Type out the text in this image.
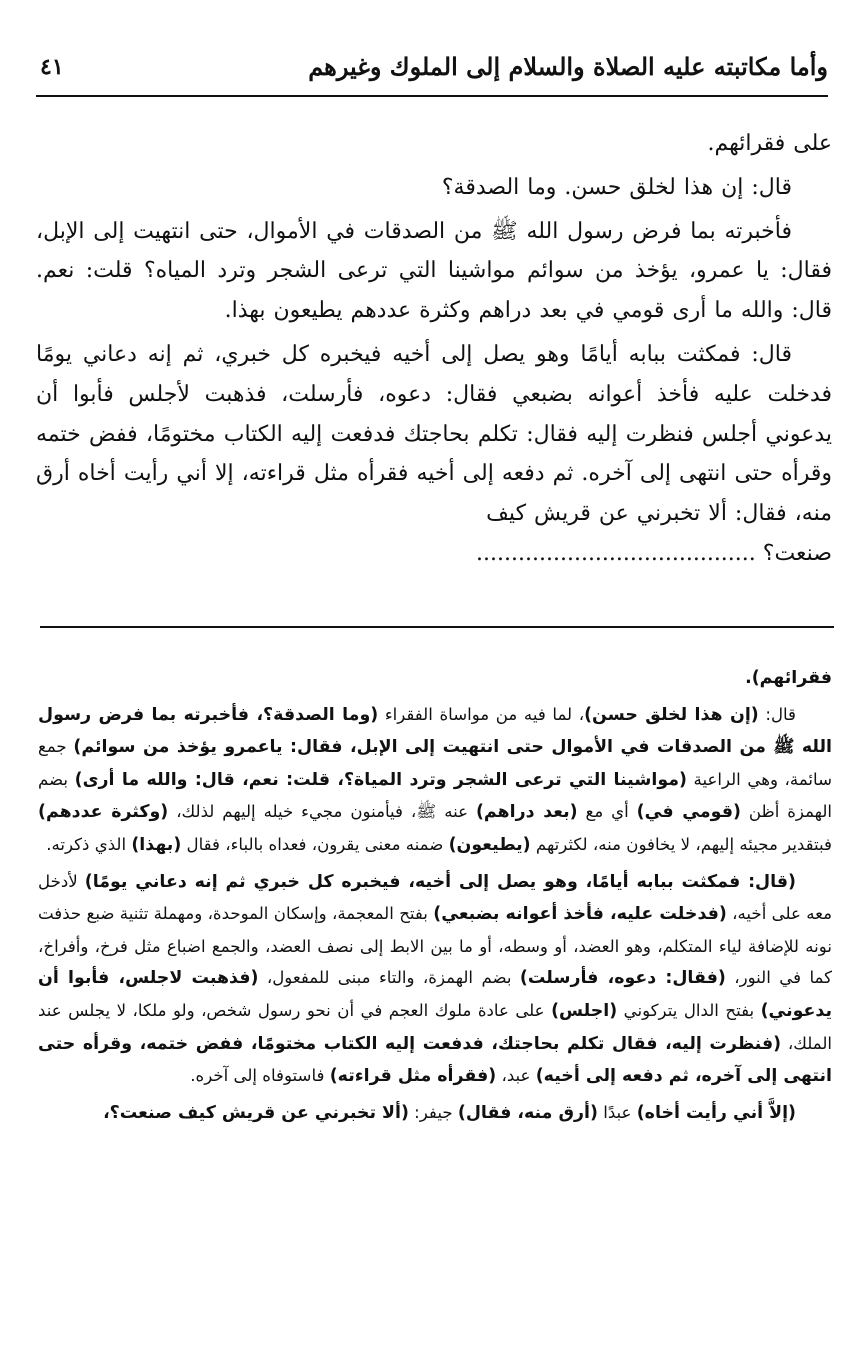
وأما مكاتبته عليه الصلاة والسلام إلى الملوك وغيرهم
٤١

على فقرائهم.

قال: إن هذا لخلق حسن. وما الصدقة؟

فأخبرته بما فرض رسول الله ﷺ من الصدقات في الأموال، حتى انتهيت إلى الإبل، فقال: يا عمرو، يؤخذ من سوائم مواشينا التي ترعى الشجر وترد المياه؟ قلت: نعم. قال: والله ما أرى قومي في بعد دراهم وكثرة عددهم يطيعون بهذا.

قال: فمكثت ببابه أيامًا وهو يصل إلى أخيه فيخبره كل خبري، ثم إنه دعاني يومًا فدخلت عليه فأخذ أعوانه بضبعي فقال: دعوه، فأرسلت، فذهبت لأجلس فأبوا أن يدعوني أجلس فنظرت إليه فقال: تكلم بحاجتك فدفعت إليه الكتاب مختومًا، ففض ختمه وقرأه حتى انتهى إلى آخره. ثم دفعه إلى أخيه فقرأه مثل قراءته، إلا أني رأيت أخاه أرق منه، فقال: ألا تخبرني عن قريش كيف

صنعت؟ ........................................

فقرائهم).

قال: (إن هذا لخلق حسن)، لما فيه من مواساة الفقراء (وما الصدقة؟، فأخبرته بما فرض رسول الله ﷺ من الصدقات في الأموال حتى انتهيت إلى الإبل، فقال: ياعمرو يؤخذ من سوائم) جمع سائمة، وهي الراعية (مواشينا التي ترعى الشجر وترد المياة؟، قلت: نعم، قال: والله ما أرى) بضم الهمزة أظن (قومي في) أي مع (بعد دراهم) عنه ﷺ، فيأمنون مجيء خيله إليهم لذلك، (وكثرة عددهم) فبتقدير مجيئه إليهم، لا يخافون منه، لكثرتهم (يطيعون) ضمنه معنى يقرون، فعداه بالباء، فقال (بهذا) الذي ذكرته.

(قال: فمكثت ببابه أيامًا، وهو يصل إلى أخيه، فيخبره كل خبري ثم إنه دعاني يومًا) لأدخل معه على أخيه، (فدخلت عليه، فأخذ أعوانه بضبعي) بفتح المعجمة، وإسكان الموحدة، ومهملة تثنية ضبع حذفت نونه للإضافة لياء المتكلم، وهو العضد، أو وسطه، أو ما بين الابط إلى نصف العضد، والجمع اضباع مثل فرخ، وأفراخ، كما في النور، (فقال: دعوه، فأرسلت) بضم الهمزة، والتاء مبنى للمفعول، (فذهبت لاجلس، فأبوا أن يدعوني) بفتح الدال يتركوني (اجلس) على عادة ملوك العجم في أن نحو رسول شخص، ولو ملكا، لا يجلس عند الملك، (فنظرت إليه، فقال تكلم بحاجتك، فدفعت إليه الكتاب مختومًا، ففض ختمه، وقرأه حتى انتهى إلى آخره، ثم دفعه إلى أخيه) عبد، (فقرأه مثل قراءته) فاستوفاه إلى آخره.

(إلاَّ أني رأيت أخاه) عبدًا (أرق منه، فقال) جيفر: (ألا تخبرني عن قريش كيف صنعت؟،
